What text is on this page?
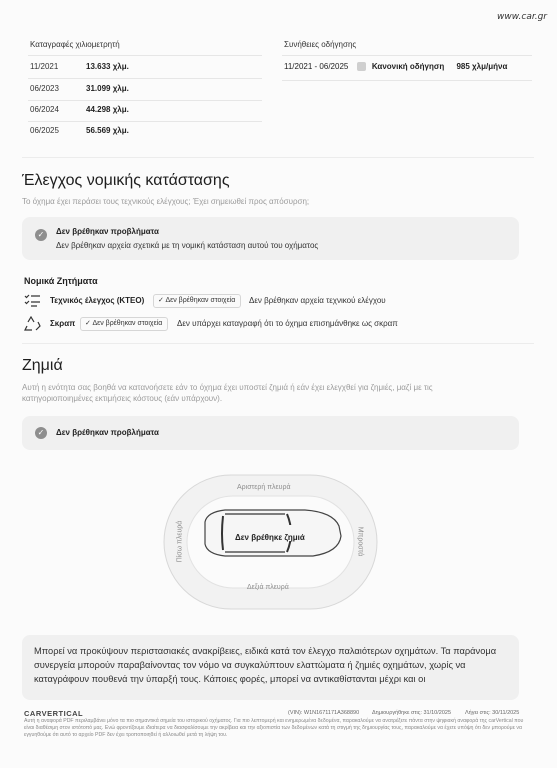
www.car.gr
Καταγραφές χιλιομετρητή
11/2021	13.633 χλμ.
06/2023	31.099 χλμ.
06/2024	44.298 χλμ.
06/2025	56.569 χλμ.
Συνήθειες οδήγησης
11/2021 - 06/2025	Κανονική οδήγηση 985 χλμ/μήνα
Έλεγχος νομικής κατάστασης
Το όχημα έχει περάσει τους τεχνικούς ελέγχους; Έχει σημειωθεί προς απόσυρση;
✓	Δεν βρέθηκαν προβλήματα
Δεν βρέθηκαν αρχεία σχετικά με τη νομική κατάσταση αυτού του οχήματος
Νομικά Ζητήματα
Τεχνικός έλεγχος (ΚΤΕΟ)	✓ Δεν βρέθηκαν στοιχεία	Δεν βρέθηκαν αρχεία τεχνικού ελέγχου
Σκραπ	✓ Δεν βρέθηκαν στοιχεία	Δεν υπάρχει καταγραφή ότι το όχημα επισημάνθηκε ως σκραπ
Ζημιά
Αυτή η ενότητα σας βοηθά να κατανοήσετε εάν το όχημα έχει υποστεί ζημιά ή εάν έχει ελεγχθεί για ζημιές, μαζί με τις κατηγοριοποιημένες εκτιμήσεις κόστους (εάν υπάρχουν).
✓	Δεν βρέθηκαν προβλήματα
Αριστερή πλευρά
Δεξιά πλευρά
Πίσω πλευρά	Μπροστά
Δεν βρέθηκε ζημιά

Μπορεί να προκύψουν περιστασιακές ανακρίβειες, ειδικά κατά τον έλεγχο παλαιότερων οχημάτων. Τα παράνομα συνεργεία μπορούν παραβαίνοντας τον νόμο να συγκαλύπτουν ελαττώματα ή ζημιές οχημάτων, χωρίς να καταγράφουν πουθενά την ύπαρξή τους. Κάποιες φορές, μπορεί να αντικαθίστανται μέχρι και οι

CARVERTICAL	(VIN): W1N1671171A368890 Δημιουργήθηκε στις: 31/10/2025	Λήγει στις: 30/11/2025
Αυτή η αναφορά PDF περιλαμβάνει μόνο τα πιο σημαντικά σημεία του ιστορικού οχήματος. Για πιο λεπτομερή και ενημερωμένα δεδομένα, παρακαλούμε να ανατρέξετε πάντα στην ψηφιακή αναφορά της carVertical που είναι διαθέσιμη στον ιστότοπό μας. Ενώ φροντίζουμε ιδιαίτερα να διασφαλίσουμε την ακρίβεια και την αξιοπιστία των δεδομένων κατά τη στιγμή της δημιουργίας τους, παρακαλούμε να έχετε υπόψη ότι δεν μπορούμε να εγγυηθούμε ότι αυτό το αρχείο PDF δεν έχει τροποποιηθεί ή αλλοιωθεί μετά τη λήψη του.
